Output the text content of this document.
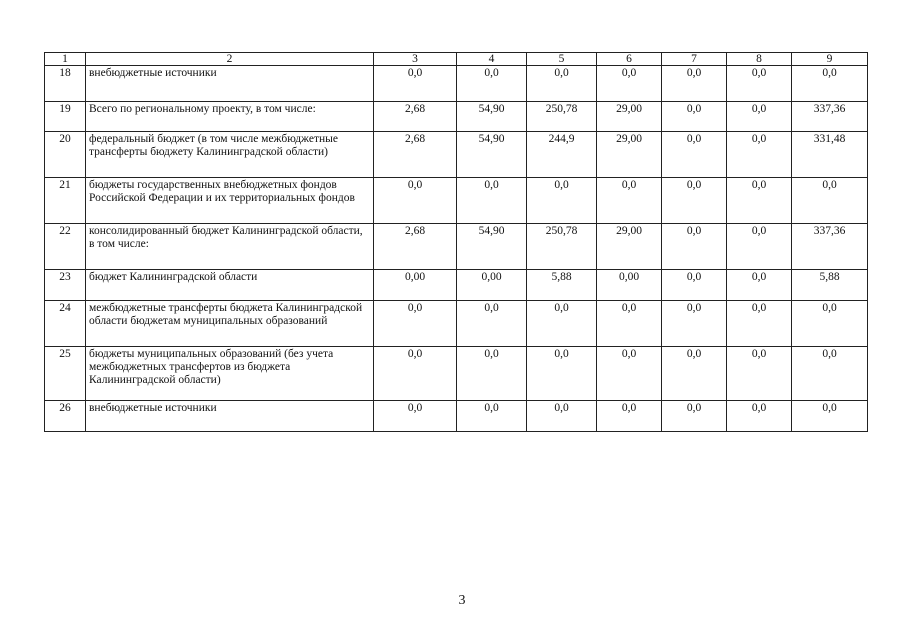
1	2	3	4	5	6	7	8	9
18	внебюджетные источники	0,0	0,0	0,0	0,0	0,0	0,0	0,0
19	Всего по региональному проекту, в том числе:	2,68	54,90	250,78	29,00	0,0	0,0	337,36
20	федеральный бюджет (в том числе межбюджетные трансферты бюджету Калининградской области)	2,68	54,90	244,9	29,00	0,0	0,0	331,48
21	бюджеты государственных внебюджетных фондов Российской Федерации и их территориальных фондов	0,0	0,0	0,0	0,0	0,0	0,0	0,0
22	консолидированный бюджет Калининградской области, в том числе:	2,68	54,90	250,78	29,00	0,0	0,0	337,36
23	бюджет Калининградской области	0,00	0,00	5,88	0,00	0,0	0,0	5,88
24	межбюджетные трансферты бюджета Калининградской области бюджетам муниципальных образований	0,0	0,0	0,0	0,0	0,0	0,0	0,0
25	бюджеты муниципальных образований (без учета межбюджетных трансфертов из бюджета Калининградской области)	0,0	0,0	0,0	0,0	0,0	0,0	0,0
26	внебюджетные источники	0,0	0,0	0,0	0,0	0,0	0,0	0,0
3
